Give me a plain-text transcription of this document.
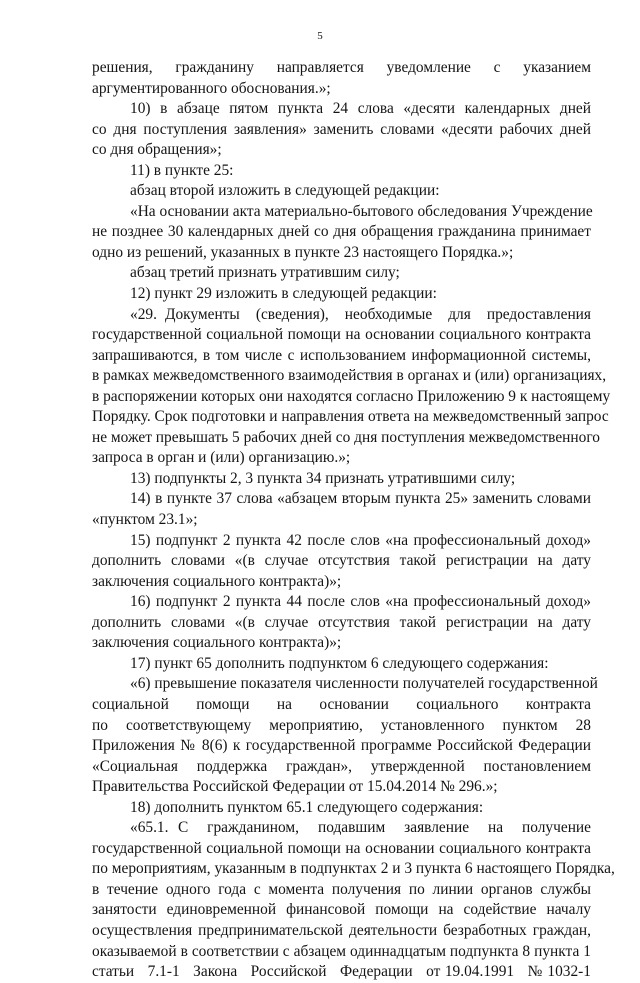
5
решения,   гражданину   направляется   уведомление   с   указанием
аргументированного обоснования.»;
10) в абзаце пятом пункта 24 слова «десяти календарных дней
со дня поступления заявления» заменить словами «десяти рабочих дней
со дня обращения»;
11) в пункте 25:
абзац второй изложить в следующей редакции:
«На основании акта материально-бытового обследования Учреждение
не позднее 30 календарных дней со дня обращения гражданина принимает
одно из решений, указанных в пункте 23 настоящего Порядка.»;
абзац третий признать утратившим силу;
12) пункт 29 изложить в следующей редакции:
«29. Документы  (сведения),  необходимые  для  предоставления
государственной социальной помощи на основании социального контракта
запрашиваются, в том числе с использованием информационной системы,
в рамках межведомственного взаимодействия в органах и (или) организациях,
в распоряжении которых они находятся согласно Приложению 9 к настоящему
Порядку. Срок подготовки и направления ответа на межведомственный запрос
не может превышать 5 рабочих дней со дня поступления межведомственного
запроса в орган и (или) организацию.»;
13) подпункты 2, 3 пункта 34 признать утратившими силу;
14) в пункте 37 слова «абзацем вторым пункта 25» заменить словами
«пунктом 23.1»;
15) подпункт 2 пункта 42 после слов «на профессиональный доход»
дополнить словами «(в случае отсутствия такой регистрации на дату
заключения социального контракта)»;
16) подпункт 2 пункта 44 после слов «на профессиональный доход»
дополнить словами «(в случае отсутствия такой регистрации на дату
заключения социального контракта)»;
17) пункт 65 дополнить подпунктом 6 следующего содержания:
«6) превышение показателя численности получателей государственной
социальной    помощи    на    основании    социального    контракта
по  соответствующему  мероприятию,  установленного  пунктом  28
Приложения № 8(6) к государственной программе Российской Федерации
«Социальная  поддержка  граждан»,  утвержденной  постановлением
Правительства Российской Федерации от 15.04.2014 № 296.»;
18) дополнить пунктом 65.1 следующего содержания:
«65.1. С  гражданином,  подавшим  заявление  на  получение
государственной социальной помощи на основании социального контракта
по мероприятиям, указанным в подпунктах 2 и 3 пункта 6 настоящего Порядка,
в течение одного года с момента получения по линии органов службы
занятости единовременной финансовой помощи на содействие началу
осуществления предпринимательской деятельности безработных граждан,
оказываемой в соответствии с абзацем одиннадцатым подпункта 8 пункта 1
статьи   7.1-1   Закона   Российской   Федерации   от 19.04.1991   № 1032-1
